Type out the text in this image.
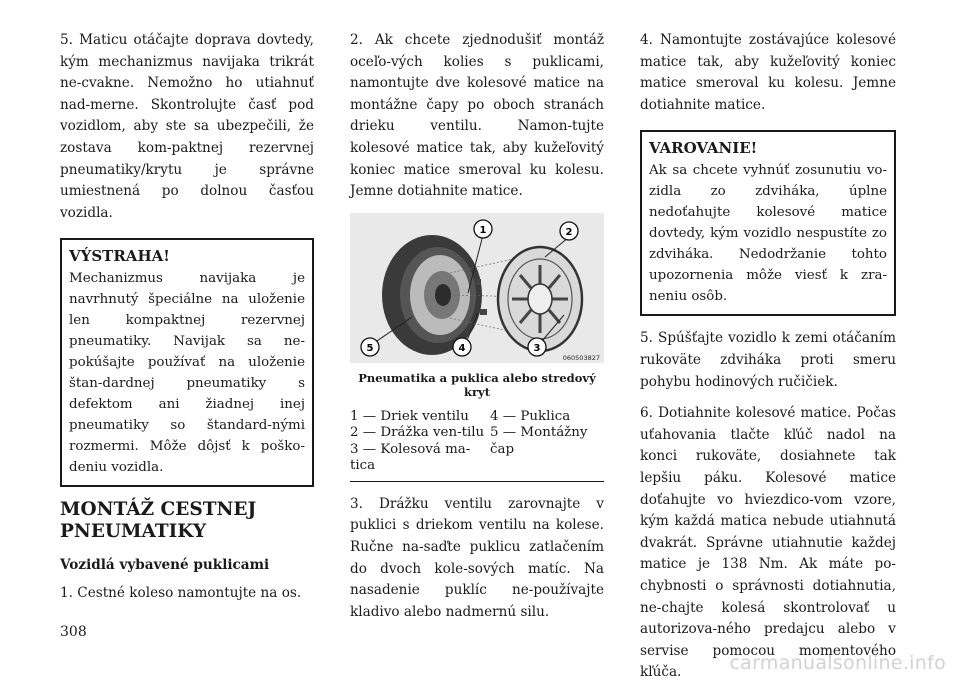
5. Maticu otáčajte doprava dovtedy, kým mechanizmus navijaka trikrát ne-cvakne. Nemožno ho utiahnuť nad-merne. Skontrolujte časť pod vozidlom, aby ste sa ubezpečili, že zostava kom-paktnej rezervnej pneumatiky/krytu je správne umiestnená po dolnou časťou vozidla.

VÝSTRAHA!

Mechanizmus navijaka je navrhnutý špeciálne na uloženie len kompaktnej rezervnej pneumatiky. Navijak sa ne-pokúšajte používať na uloženie štan-dardnej pneumatiky s defektom ani žiadnej inej pneumatiky so štandard-nými rozmermi. Môže dôjsť k poško-deniu vozidla.

MONTÁŽ CESTNEJ PNEUMATIKY
Vozidlá vybavené puklicami

1. Cestné koleso namontujte na os.

2. Ak chcete zjednodušiť montáž oceľo-vých kolies s puklicami, namontujte dve kolesové matice na montážne čapy po oboch stranách drieku ventilu. Namon-tujte kolesové matice tak, aby kužeľovitý koniec matice smeroval ku kolesu. Jemne dotiahnite matice.

1	2
3
4
5
060503827
Pneumatika a puklica alebo stredový kryt
1 — Driek ventilu
2 — Drážka ven-tilu
3 — Kolesová ma-tica
4 — Puklica
5 — Montážny čap

3. Drážku ventilu zarovnajte v puklici s driekom ventilu na kolese. Ručne na-saďte puklicu zatlačením do dvoch kole-sových matíc. Na nasadenie puklíc ne-používajte kladivo alebo nadmernú silu.

4. Namontujte zostávajúce kolesové matice tak, aby kužeľovitý koniec matice smeroval ku kolesu. Jemne dotiahnite matice.

VAROVANIE!

Ak sa chcete vyhnúť zosunutiu vo-zidla zo zdviháka, úplne nedoťahujte kolesové matice dovtedy, kým vozidlo nespustíte zo zdviháka. Nedodržanie tohto upozornenia môže viesť k zra-neniu osôb.

5. Spúšťajte vozidlo k zemi otáčaním rukoväte zdviháka proti smeru pohybu hodinových ručičiek.

6. Dotiahnite kolesové matice. Počas uťahovania tlačte kľúč nadol na konci rukoväte, dosiahnete tak lepšiu páku. Kolesové matice doťahujte vo hviezdico-vom vzore, kým každá matica nebude utiahnutá dvakrát. Správne utiahnutie každej matice je 138 Nm. Ak máte po-chybnosti o správnosti dotiahnutia, ne-chajte kolesá skontrolovať u autorizova-ného predajcu alebo v servise pomocou momentového kľúča.

308
carmanualsonline.info
